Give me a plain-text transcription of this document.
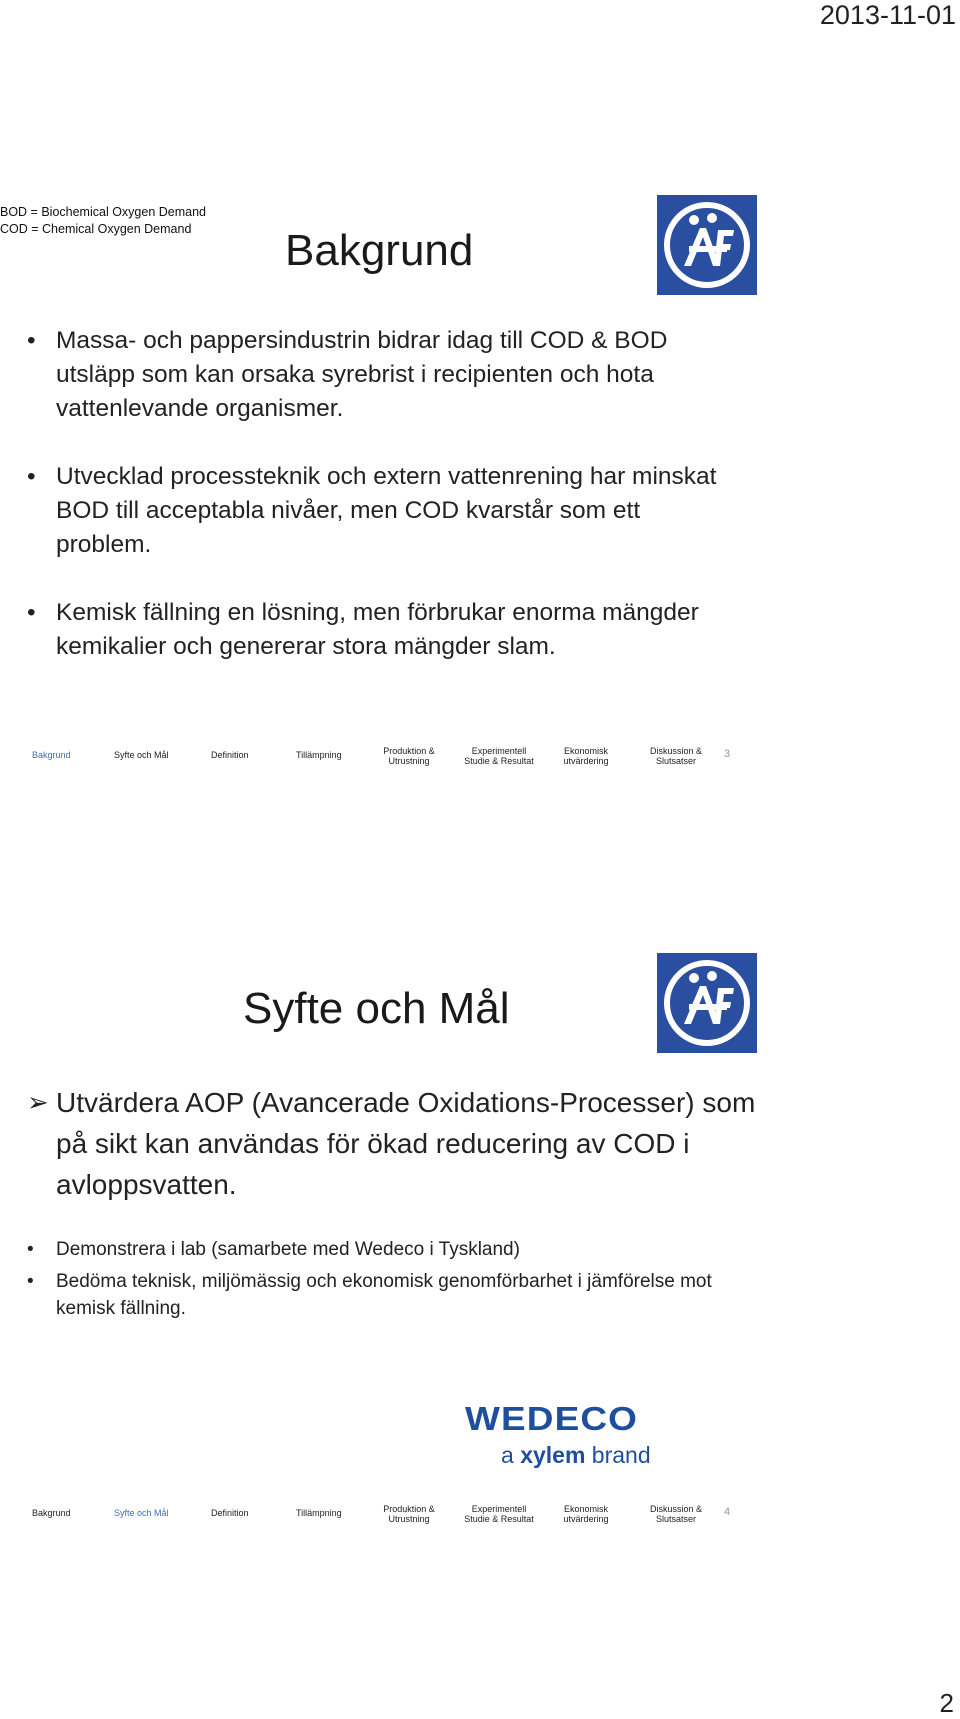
2013-11-01
BOD = Biochemical Oxygen Demand
COD = Chemical Oxygen Demand	Bakgrund
• Massa- och pappersindustrin bidrar idag till COD & BOD utsläpp som kan orsaka syrebrist i recipienten och hota vattenlevande organismer.
• Utvecklad processteknik och extern vattenrening har minskat BOD till acceptabla nivåer, men COD kvarstår som ett problem.
• Kemisk fällning en lösning, men förbrukar enorma mängder kemikalier och genererar stora mängder slam.
Bakgrund	Syfte och Mål	Definition	Tillämpning	Produktion & Utrustning
Experimentell Studie & Resultat
Ekonomisk utvärdering
Diskussion & Slutsatser
3
Syfte och Mål
➢ Utvärdera AOP (Avancerade Oxidations-Processer) som på sikt kan användas för ökad reducering av COD i avloppsvatten.
• Demonstrera i lab (samarbete med Wedeco i Tyskland)
• Bedöma teknisk, miljömässig och ekonomisk genomförbarhet i jämförelse mot kemisk fällning.
WEDECO
a xylem brand
Bakgrund	Syfte och Mål	Definition	Tillämpning	Produktion & Utrustning
Experimentell Studie & Resultat
Ekonomisk utvärdering
Diskussion & Slutsatser
4
2
